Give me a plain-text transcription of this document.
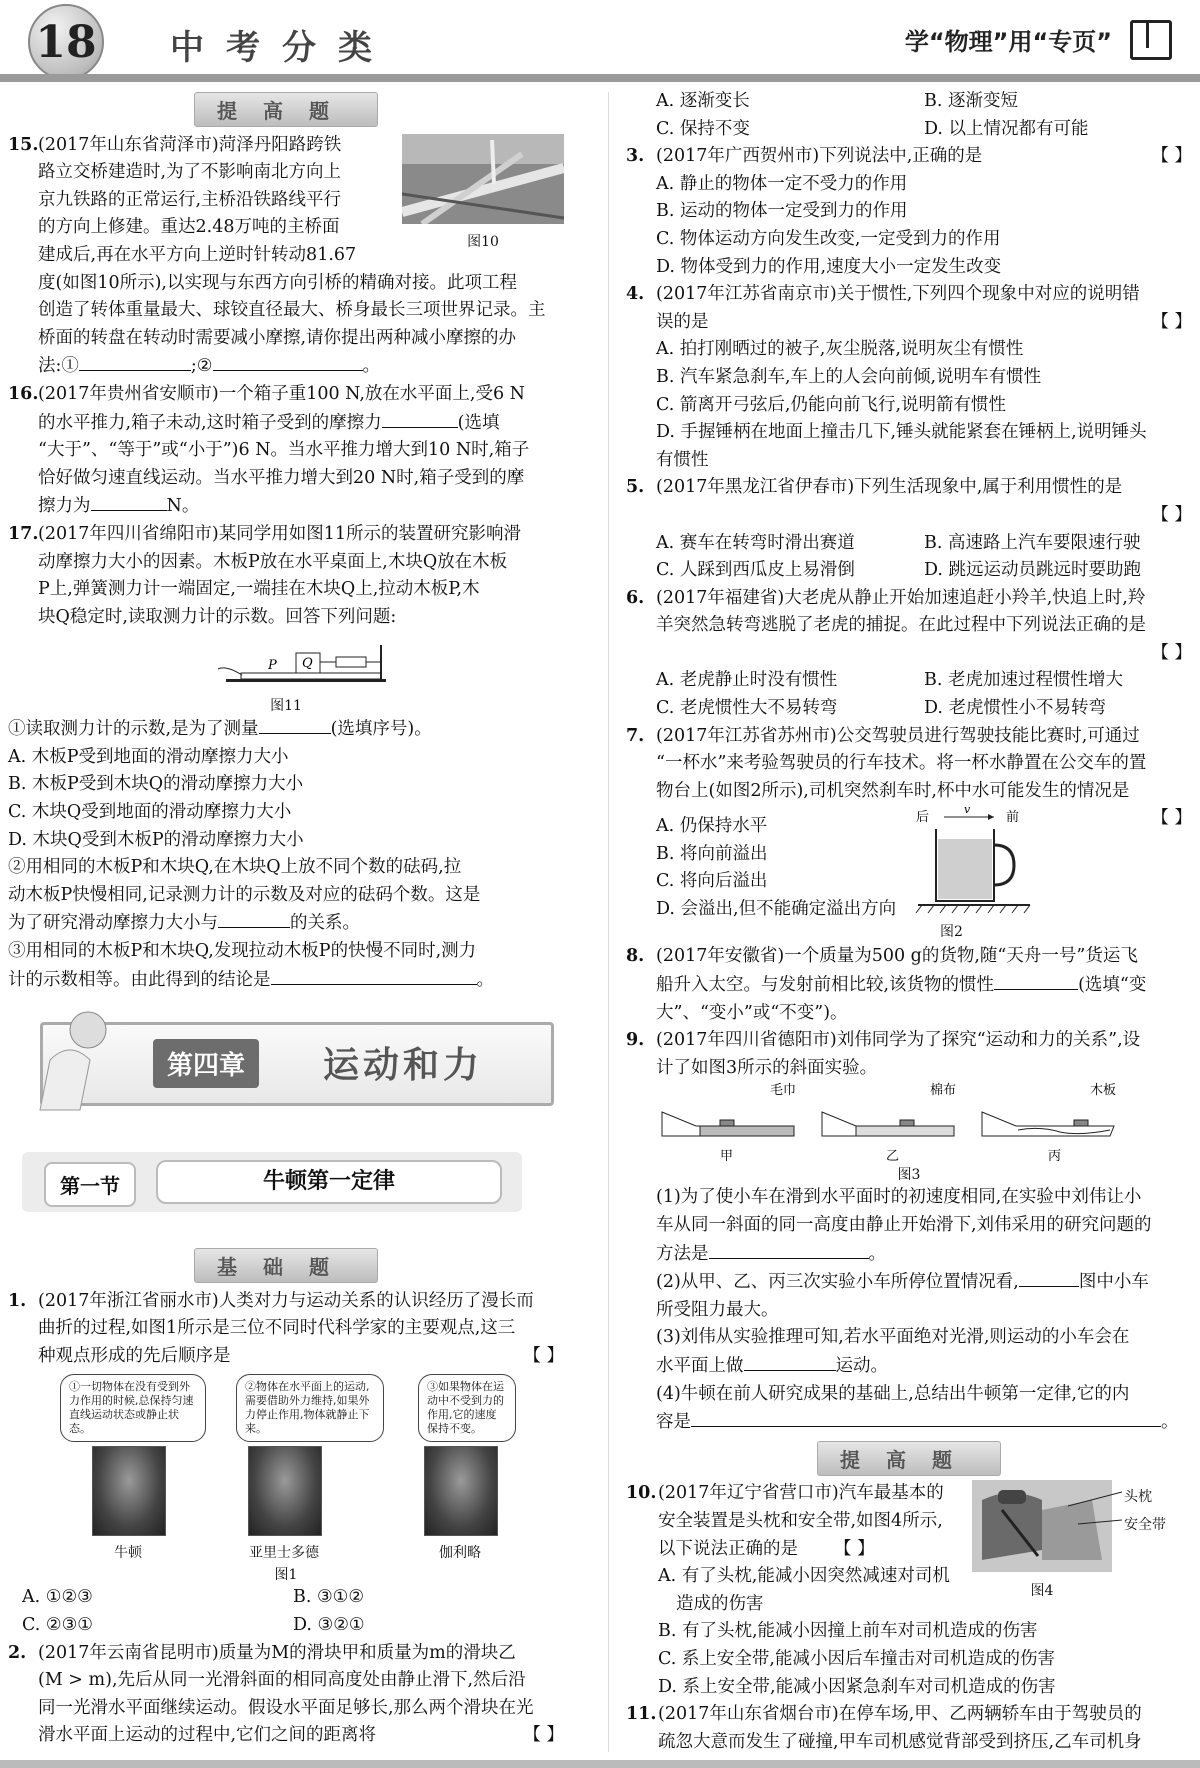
18 中考分类	学“物理”用“专页”
提高题
15.
图10

(2017年山东省菏泽市)菏泽丹阳路跨铁

路立交桥建造时,为了不影响南北方向上

京九铁路的正常运行,主桥沿铁路线平行

的方向上修建。重达2.48万吨的主桥面

建成后,再在水平方向上逆时针转动81.67

度(如图10所示),以实现与东西方向引桥的精确对接。此项工程

创造了转体重量最大、球铰直径最大、桥身最长三项世界记录。主

桥面的转盘在转动时需要减小摩擦,请你提出两种减小摩擦的办

法:①	;②	。

16. (2017年贵州省安顺市)一个箱子重100 N,放在水平面上,受6 N

的水平推力,箱子未动,这时箱子受到的摩擦力	(选填

“大于”、“等于”或“小于”)6 N。当水平推力增大到10 N时,箱子

恰好做匀速直线运动。当水平推力增大到20 N时,箱子受到的摩

擦力为	N。

17. (2017年四川省绵阳市)某同学用如图11所示的装置研究影响滑

动摩擦力大小的因素。木板P放在水平桌面上,木块Q放在木板

P上,弹簧测力计一端固定,一端挂在木块Q上,拉动木板P,木

块Q稳定时,读取测力计的示数。回答下列问题:

P Q
图11

①读取测力计的示数,是为了测量	(选填序号)。

A. 木板P受到地面的滑动摩擦力大小

B. 木板P受到木块Q的滑动摩擦力大小

C. 木块Q受到地面的滑动摩擦力大小

D. 木块Q受到木板P的滑动摩擦力大小

②用相同的木板P和木块Q,在木块Q上放不同个数的砝码,拉

动木板P快慢相同,记录测力计的示数及对应的砝码个数。这是

为了研究滑动摩擦力大小与	的关系。

③用相同的木板P和木块Q,发现拉动木板P的快慢不同时,测力

计的示数相等。由此得到的结论是	。

第四章	运动和力
第一节	牛顿第一定律
基础题
1. (2017年浙江省丽水市)人类对力与运动关系的认识经历了漫长而

曲折的过程,如图1所示是三位不同时代科学家的主要观点,这三

种观点形成的先后顺序是	【 】

①一切物体在没有受到外力作用的时候,总保持匀速直线运动状态或静止状态。
②物体在水平面上的运动,需要借助外力维持,如果外力停止作用,物体就静止下来。
③如果物体在运动中不受到力的作用,它的速度保持不变。
牛顿	亚里士多德	伽利略
图1
A. ①②③	B. ③①②
C. ②③①	D. ③②①
2. (2017年云南省昆明市)质量为M的滑块甲和质量为m的滑块乙

(M > m),先后从同一光滑斜面的相同高度处由静止滑下,然后沿

同一光滑水平面继续运动。假设水平面足够长,那么两个滑块在光

滑水平面上运动的过程中,它们之间的距离将	【 】

A. 逐渐变长	B. 逐渐变短
C. 保持不变	D. 以上情况都有可能
3. (2017年广西贺州市)下列说法中,正确的是	【 】

A. 静止的物体一定不受力的作用

B. 运动的物体一定受到力的作用

C. 物体运动方向发生改变,一定受到力的作用

D. 物体受到力的作用,速度大小一定发生改变

4. (2017年江苏省南京市)关于惯性,下列四个现象中对应的说明错

误的是	【 】

A. 拍打刚晒过的被子,灰尘脱落,说明灰尘有惯性

B. 汽车紧急刹车,车上的人会向前倾,说明车有惯性

C. 箭离开弓弦后,仍能向前飞行,说明箭有惯性

D. 手握锤柄在地面上撞击几下,锤头就能紧套在锤柄上,说明锤头

有惯性

5. (2017年黑龙江省伊春市)下列生活现象中,属于利用惯性的是

【 】

A. 赛车在转弯时滑出赛道	B. 高速路上汽车要限速行驶
C. 人踩到西瓜皮上易滑倒	D. 跳远运动员跳远时要助跑
6. (2017年福建省)大老虎从静止开始加速追赶小羚羊,快追上时,羚

羊突然急转弯逃脱了老虎的捕捉。在此过程中下列说法正确的是

【 】

A. 老虎静止时没有惯性	B. 老虎加速过程惯性增大
C. 老虎惯性大不易转弯	D. 老虎惯性小不易转弯
7. (2017年江苏省苏州市)公交驾驶员进行驾驶技能比赛时,可通过

“一杯水”来考验驾驶员的行车技术。将一杯水静置在公交车的置

物台上(如图2所示),司机突然刹车时,杯中水可能发生的情况是

【 】

A. 仍保持水平

B. 将向前溢出

C. 将向后溢出

D. 会溢出,但不能确定溢出方向

后	前
v
图2
8. (2017年安徽省)一个质量为500 g的货物,随“天舟一号”货运飞

船升入太空。与发射前相比较,该货物的惯性	(选填“变

大”、“变小”或“不变”)。

9. (2017年四川省德阳市)刘伟同学为了探究“运动和力的关系”,设

计了如图3所示的斜面实验。

毛巾	棉布	木板
甲	乙	丙
图3

(1)为了使小车在滑到水平面时的初速度相同,在实验中刘伟让小

车从同一斜面的同一高度由静止开始滑下,刘伟采用的研究问题的

方法是	。

(2)从甲、乙、丙三次实验小车所停位置情况看,	图中小车

所受阻力最大。

(3)刘伟从实验推理可知,若水平面绝对光滑,则运动的小车会在

水平面上做	运动。

(4)牛顿在前人研究成果的基础上,总结出牛顿第一定律,它的内

容是	。

提高题
10.
图4
头枕
安全带

(2017年辽宁省营口市)汽车最基本的

安全装置是头枕和安全带,如图4所示,

以下说法正确的是 【 】

A. 有了头枕,能减小因突然减速对司机

造成的伤害

B. 有了头枕,能减小因撞上前车对司机造成的伤害

C. 系上安全带,能减小因后车撞击对司机造成的伤害

D. 系上安全带,能减小因紧急刹车对司机造成的伤害

11. (2017年山东省烟台市)在停车场,甲、乙两辆轿车由于驾驶员的

疏忽大意而发生了碰撞,甲车司机感觉背部受到挤压,乙车司机身
